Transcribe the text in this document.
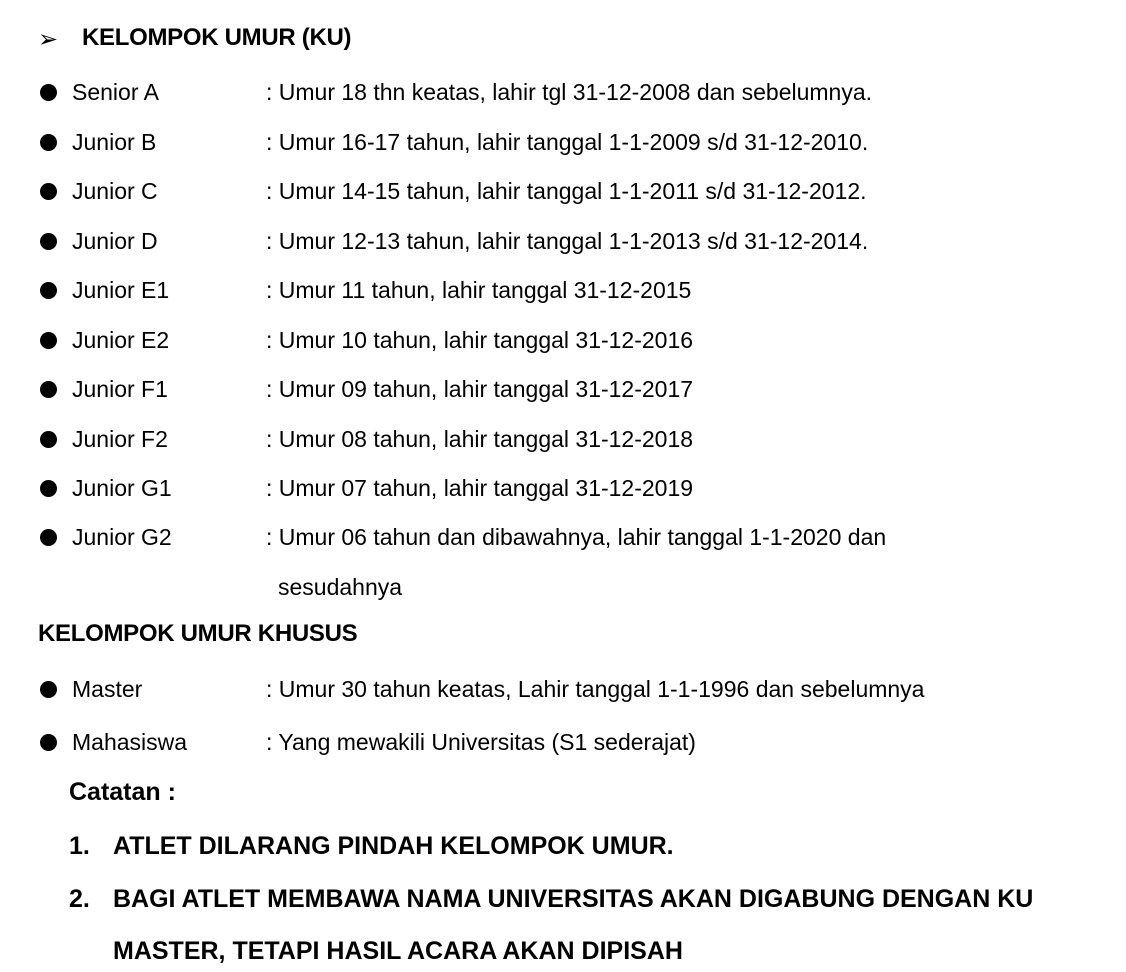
➢ KELOMPOK UMUR (KU)
Senior A	: Umur 18 thn keatas, lahir tgl 31-12-2008 dan sebelumnya.
Junior B	: Umur 16-17 tahun, lahir tanggal 1-1-2009 s/d 31-12-2010.
Junior C	: Umur 14-15 tahun, lahir tanggal 1-1-2011 s/d 31-12-2012.
Junior D	: Umur 12-13 tahun, lahir tanggal 1-1-2013 s/d 31-12-2014.
Junior E1	: Umur 11 tahun, lahir tanggal 31-12-2015
Junior E2	: Umur 10 tahun, lahir tanggal 31-12-2016
Junior F1	: Umur 09 tahun, lahir tanggal 31-12-2017
Junior F2	: Umur 08 tahun, lahir tanggal 31-12-2018
Junior G1	: Umur 07 tahun, lahir tanggal 31-12-2019
Junior G2	: Umur 06 tahun dan dibawahnya, lahir tanggal 1-1-2020 dan
sesudahnya
KELOMPOK UMUR KHUSUS
Master	: Umur 30 tahun keatas, Lahir tanggal 1-1-1996 dan sebelumnya
Mahasiswa	: Yang mewakili Universitas (S1 sederajat)
Catatan :
1. ATLET DILARANG PINDAH KELOMPOK UMUR.
2. BAGI ATLET MEMBAWA NAMA UNIVERSITAS AKAN DIGABUNG DENGAN KU
MASTER, TETAPI HASIL ACARA AKAN DIPISAH
